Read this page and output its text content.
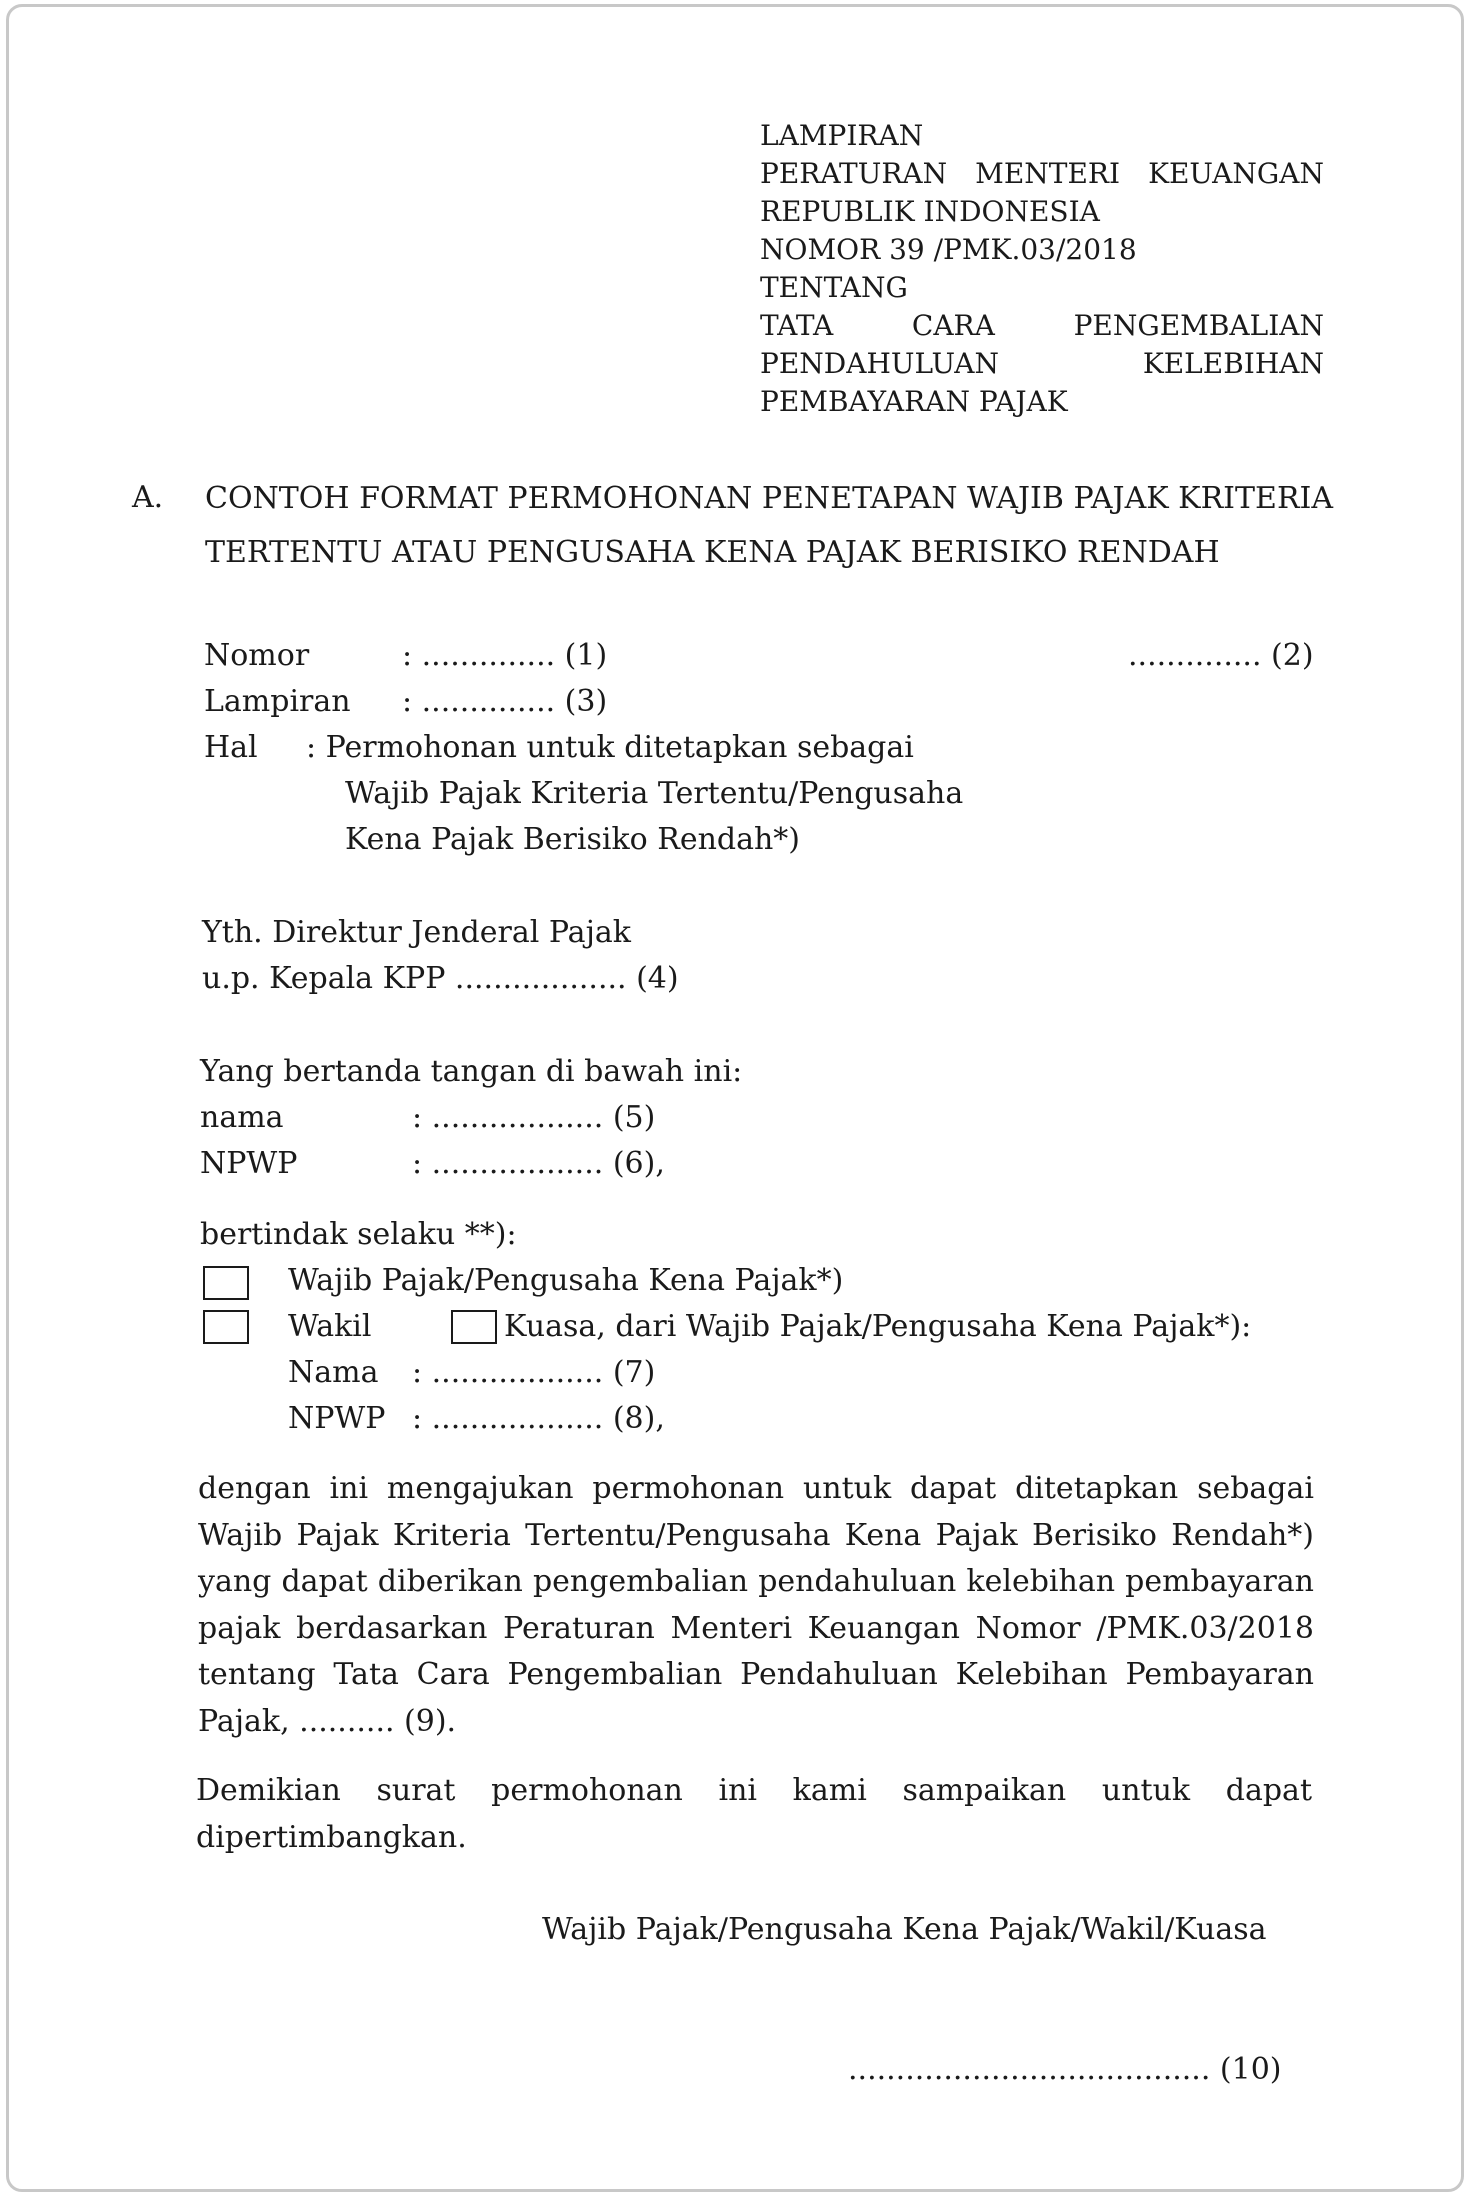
LAMPIRAN
PERATURAN MENTERI KEUANGAN
REPUBLIK INDONESIA
NOMOR 39 /PMK.03/2018
TENTANG
TATA	CARA	PENGEMBALIAN
PENDAHULUAN	KELEBIHAN
PEMBAYARAN PAJAK
A. CONTOH FORMAT PERMOHONAN PENETAPAN WAJIB PAJAK KRITERIA
TERTENTU ATAU PENGUSAHA KENA PAJAK BERISIKO RENDAH
Nomor	: .............. (1)	.............. (2)
Lampiran : .............. (3)
Hal : Permohonan untuk ditetapkan sebagai
Wajib Pajak Kriteria Tertentu/Pengusaha
Kena Pajak Berisiko Rendah*)
Yth. Direktur Jenderal Pajak
u.p. Kepala KPP .................. (4)
Yang bertanda tangan di bawah ini:
nama	: .................. (5)
NPWP	: .................. (6),
bertindak selaku **):
Wajib Pajak/Pengusaha Kena Pajak*)
Wakil	Kuasa, dari Wajib Pajak/Pengusaha Kena Pajak*):
Nama : .................. (7)
NPWP : .................. (8),
dengan ini mengajukan permohonan untuk dapat ditetapkan sebagai Wajib Pajak Kriteria Tertentu/Pengusaha Kena Pajak Berisiko Rendah*) yang dapat diberikan pengembalian pendahuluan kelebihan pembayaran pajak berdasarkan Peraturan Menteri Keuangan Nomor /PMK.03/2018 tentang Tata Cara Pengembalian Pendahuluan Kelebihan Pembayaran Pajak, .......... (9).
Demikian surat permohonan ini kami sampaikan untuk dapat dipertimbangkan.
Wajib Pajak/Pengusaha Kena Pajak/Wakil/Kuasa
...................................... (10)
